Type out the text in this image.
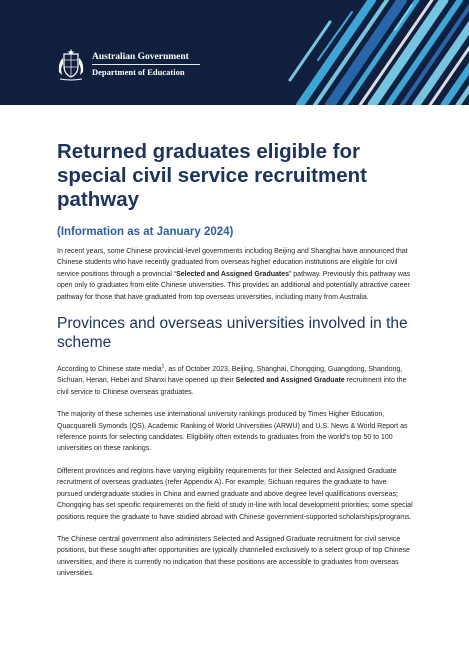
Australian Government
Department of Education
Returned graduates eligible for special civil service recruitment pathway
(Information as at January 2024)

In recent years, some Chinese provincial-level governments including Beijing and Shanghai have announced that Chinese students who have recently graduated from overseas higher education institutions are eligible for civil service positions through a provincial “Selected and Assigned Graduates” pathway. Previously this pathway was open only to graduates from elite Chinese universities. This provides an additional and potentially attractive career pathway for those that have graduated from top overseas universities, including many from Australia.

Provinces and overseas universities involved in the scheme

According to Chinese state media$^1$, as of October 2023, Beijing, Shanghai, Chongqing, Guangdong, Shandong, Sichuan, Henan, Hebei and Shanxi have opened up their Selected and Assigned Graduate recruitment into the civil service to Chinese overseas graduates.

The majority of these schemes use international university rankings produced by Times Higher Education, Quacquarelli Symonds (QS), Academic Ranking of World Universities (ARWU) and U.S. News & World Report as reference points for selecting candidates. Eligibility often extends to graduates from the world’s top 50 to 100 universities on these rankings.

Different provinces and regions have varying eligibility requirements for their Selected and Assigned Graduate recruitment of overseas graduates (refer Appendix A). For example, Sichuan requires the graduate to have pursued undergraduate studies in China and earned graduate and above degree level qualifications overseas; Chongqing has set specific requirements on the field of study in-line with local development priorities; some special positions require the graduate to have studied abroad with Chinese government-supported scholarships/programs.

The Chinese central government also administers Selected and Assigned Graduate recruitment for civil service positions, but these sought-after opportunities are typically channelled exclusively to a select group of top Chinese universities, and there is currently no indication that these positions are accessible to graduates from overseas universities.
